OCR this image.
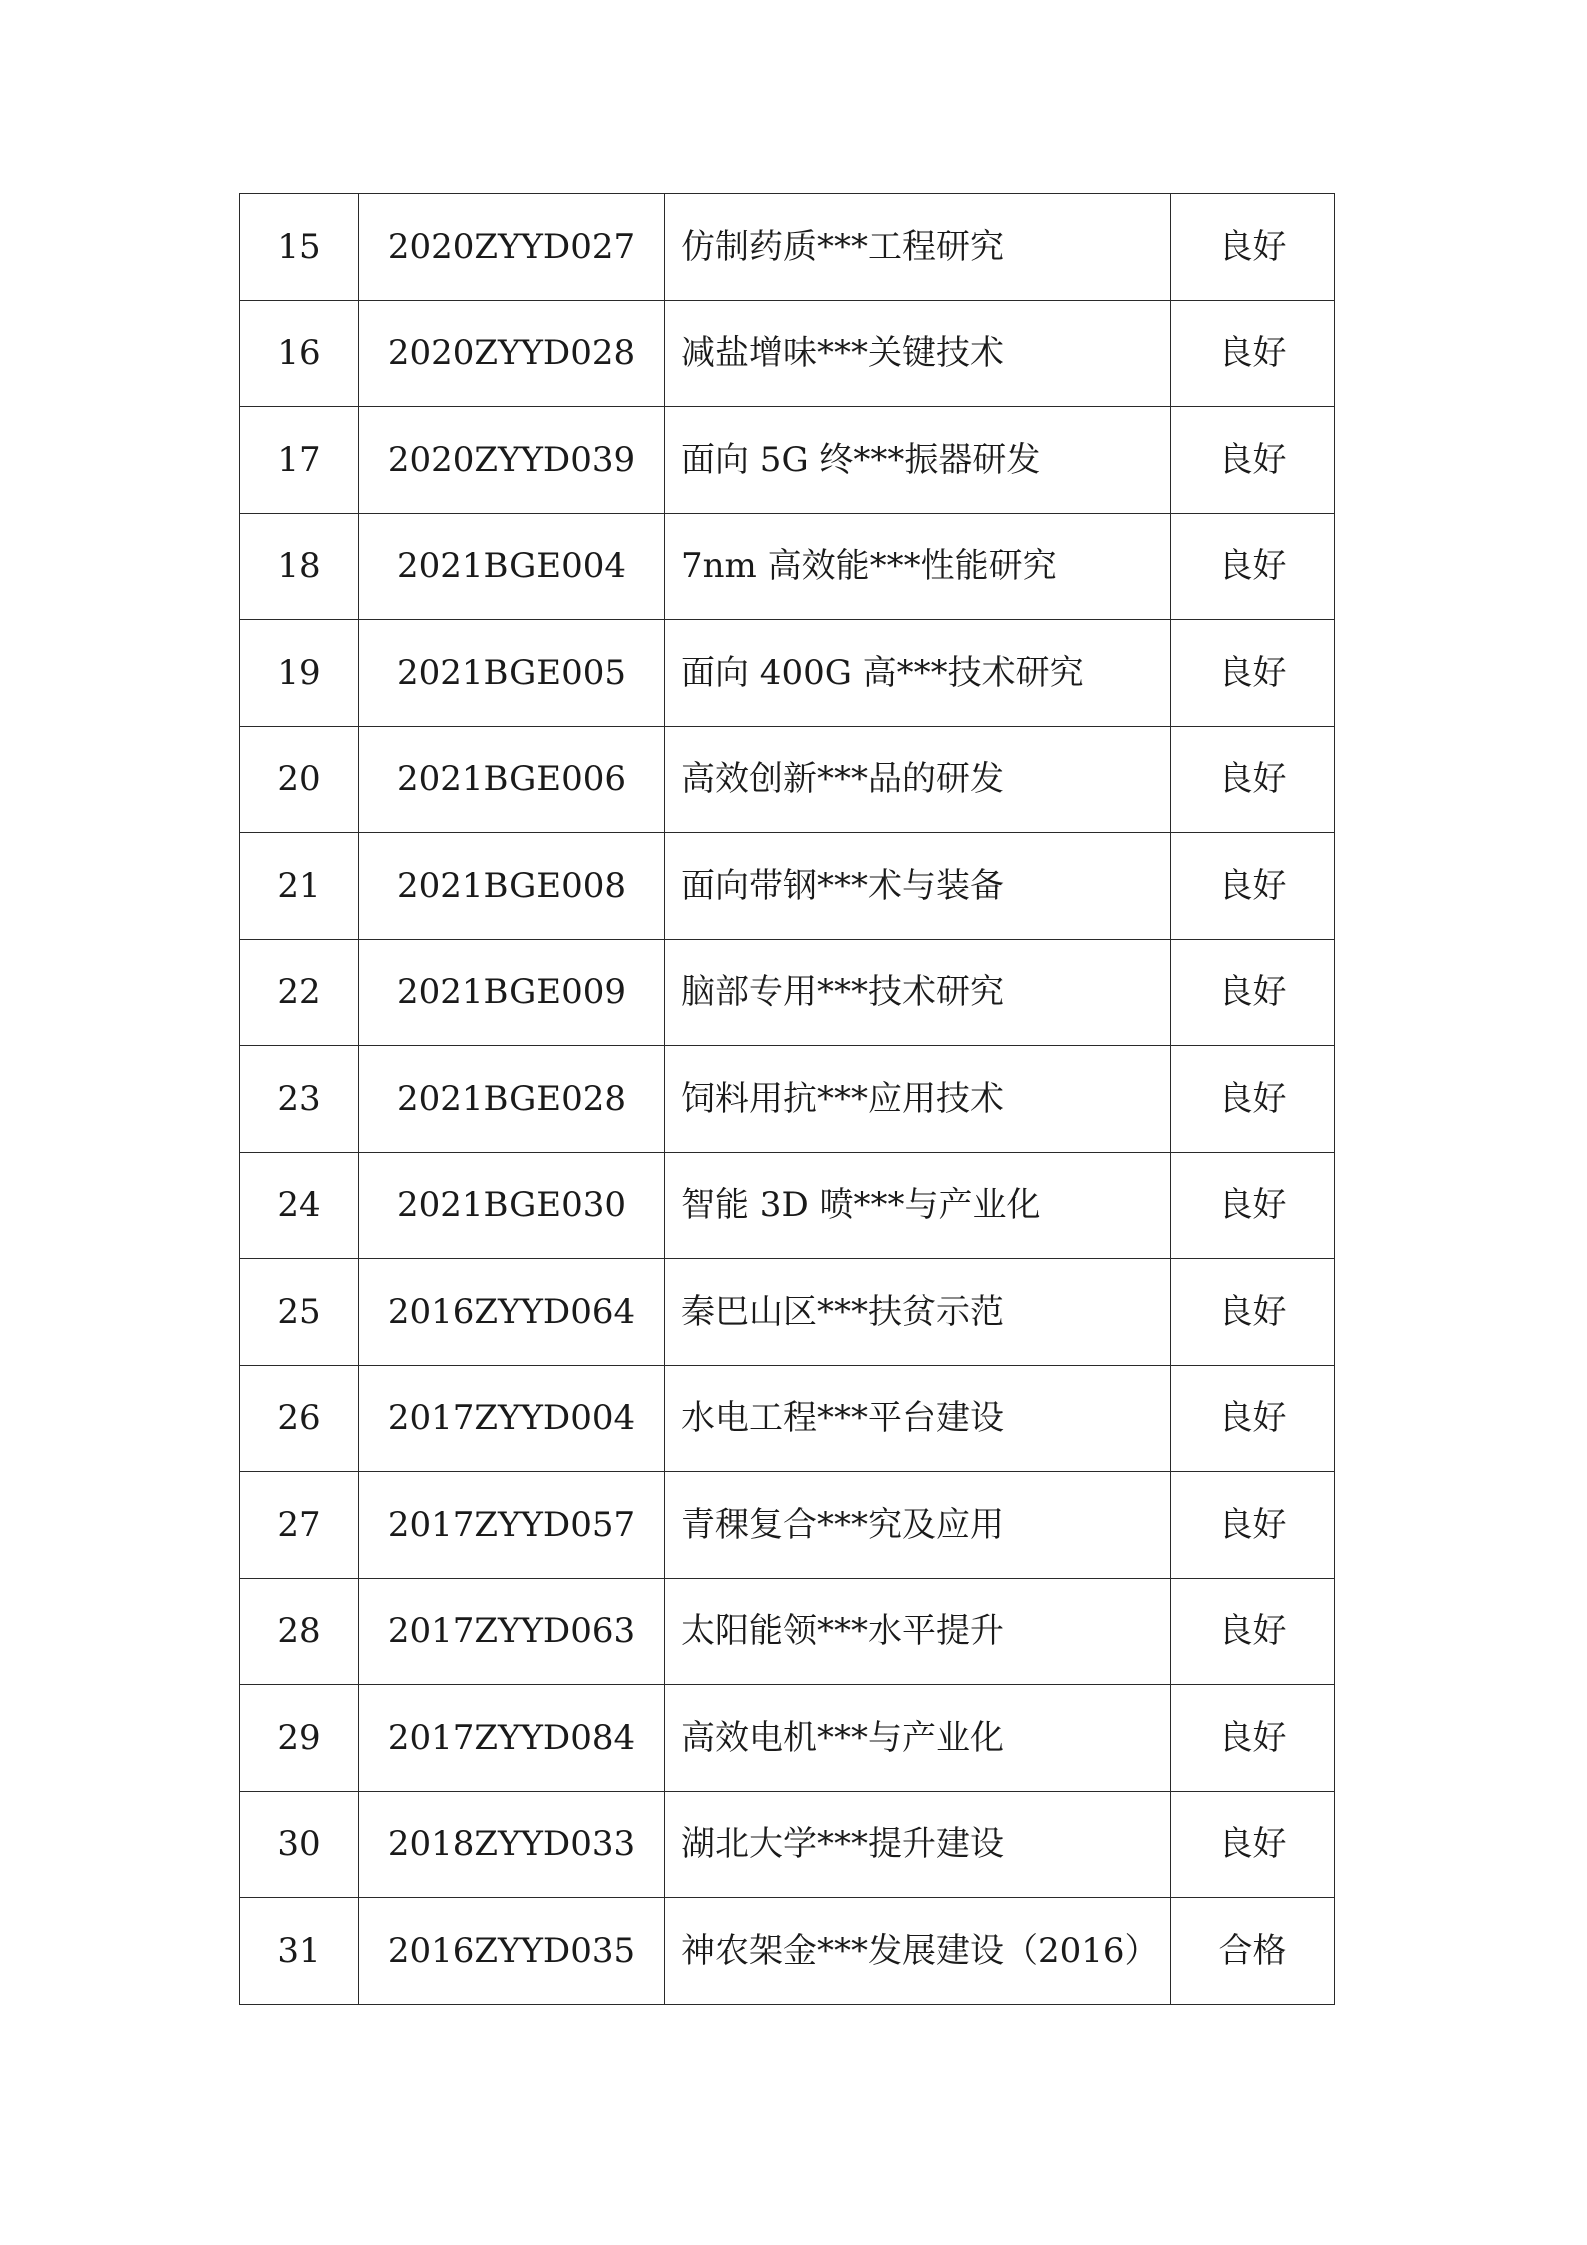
15	2020ZYYD027	仿制药质***工程研究	良好
16	2020ZYYD028	减盐增味***关键技术	良好
17	2020ZYYD039	面向 5G 终***振器研发	良好
18	2021BGE004	7nm 高效能***性能研究	良好
19	2021BGE005	面向 400G 高***技术研究	良好
20	2021BGE006	高效创新***品的研发	良好
21	2021BGE008	面向带钢***术与装备	良好
22	2021BGE009	脑部专用***技术研究	良好
23	2021BGE028	饲料用抗***应用技术	良好
24	2021BGE030	智能 3D 喷***与产业化	良好
25	2016ZYYD064	秦巴山区***扶贫示范	良好
26	2017ZYYD004	水电工程***平台建设	良好
27	2017ZYYD057	青稞复合***究及应用	良好
28	2017ZYYD063	太阳能领***水平提升	良好
29	2017ZYYD084	高效电机***与产业化	良好
30	2018ZYYD033	湖北大学***提升建设	良好
31	2016ZYYD035	神农架金***发展建设（2016）	合格
